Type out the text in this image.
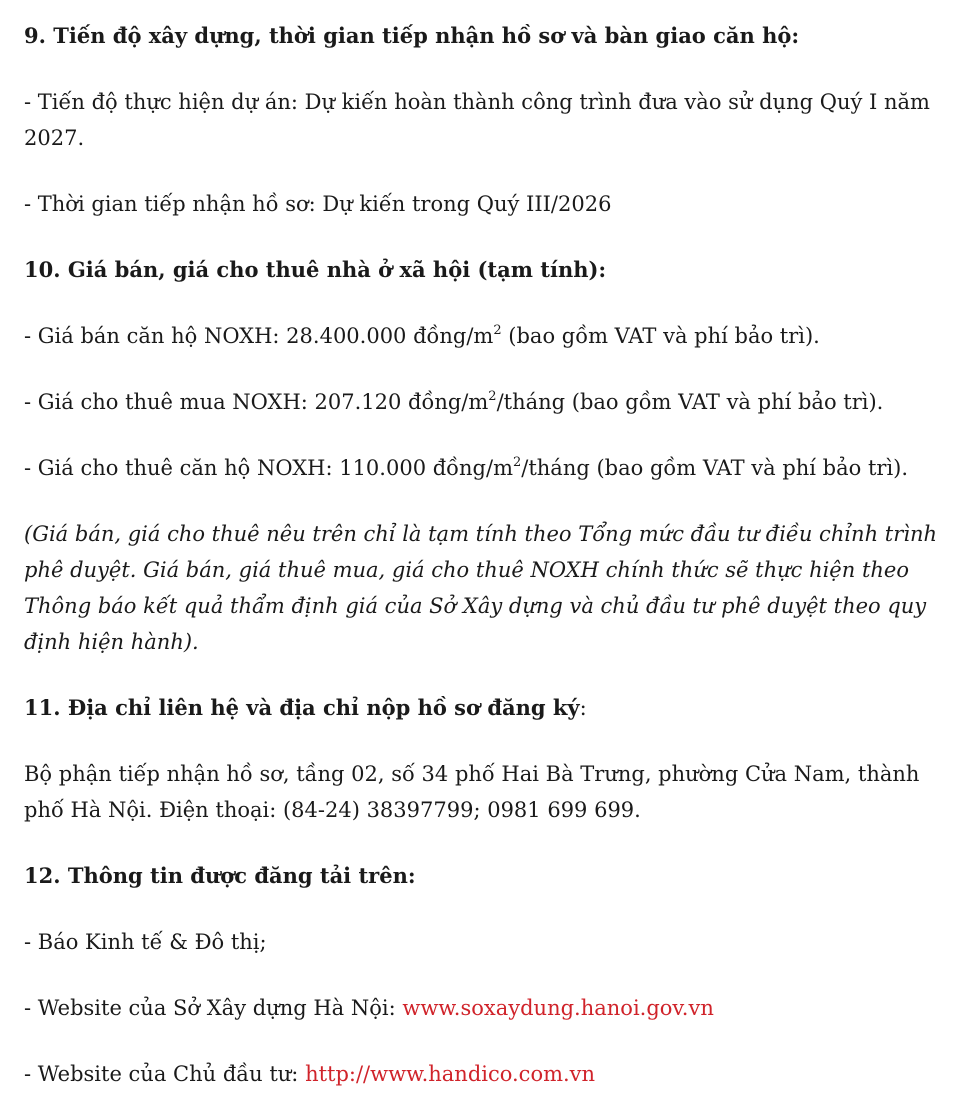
9. Tiến độ xây dựng, thời gian tiếp nhận hồ sơ và bàn giao căn hộ:

- Tiến độ thực hiện dự án: Dự kiến hoàn thành công trình đưa vào sử dụng Quý I năm 2027.

- Thời gian tiếp nhận hồ sơ: Dự kiến trong Quý III/2026

10. Giá bán, giá cho thuê nhà ở xã hội (tạm tính):

- Giá bán căn hộ NOXH: 28.400.000 đồng/$m^2$ (bao gồm VAT và phí bảo trì).

- Giá cho thuê mua NOXH: 207.120 đồng/$m^2$/tháng (bao gồm VAT và phí bảo trì).

- Giá cho thuê căn hộ NOXH: 110.000 đồng/$m^2$/tháng (bao gồm VAT và phí bảo trì).

(Giá bán, giá cho thuê nêu trên chỉ là tạm tính theo Tổng mức đầu tư điều chỉnh trình phê duyệt. Giá bán, giá thuê mua, giá cho thuê NOXH chính thức sẽ thực hiện theo Thông báo kết quả thẩm định giá của Sở Xây dựng và chủ đầu tư phê duyệt theo quy định hiện hành).

11. Địa chỉ liên hệ và địa chỉ nộp hồ sơ đăng ký:

Bộ phận tiếp nhận hồ sơ, tầng 02, số 34 phố Hai Bà Trưng, phường Cửa Nam, thành phố Hà Nội. Điện thoại: (84-24) 38397799; 0981 699 699.

12. Thông tin được đăng tải trên:

- Báo Kinh tế & Đô thị;

- Website của Sở Xây dựng Hà Nội: www.soxaydung.hanoi.gov.vn

- Website của Chủ đầu tư: http://www.handico.com.vn
